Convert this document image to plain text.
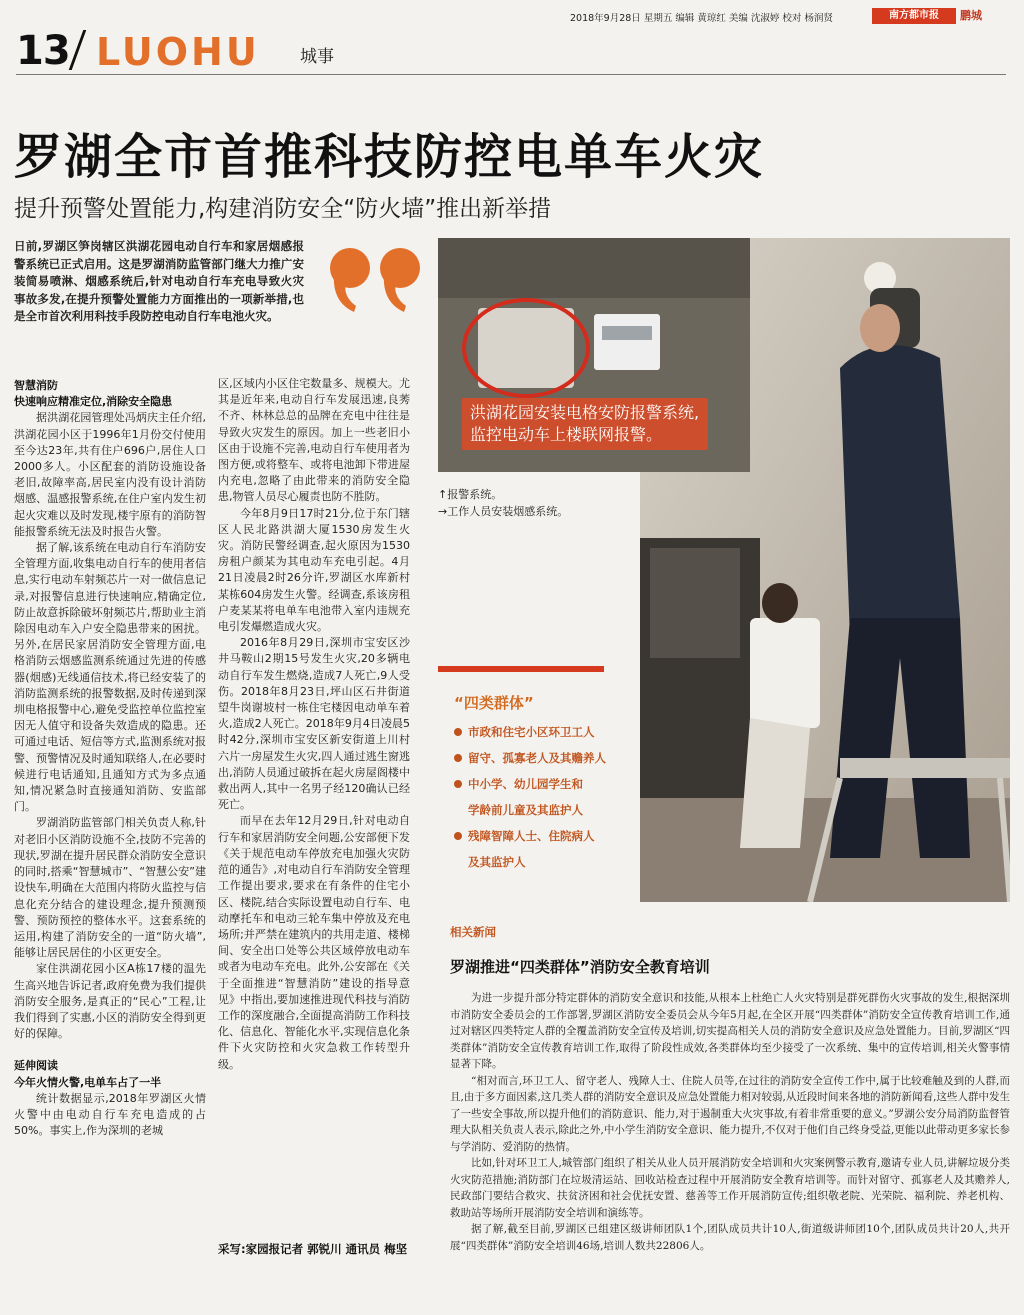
2018年9月28日 星期五 编辑 黄琼红 美编 沈淑婷 校对 杨润贤	南方都市报	鹏城
13 LUOHU 城事
罗湖全市首推科技防控电单车火灾
提升预警处置能力,构建消防安全“防火墙”推出新举措
日前,罗湖区笋岗辖区洪湖花园电动自行车和家居烟感报警系统已正式启用。这是罗湖消防监管部门继大力推广安装简易喷淋、烟感系统后,针对电动自行车充电导致火灾事故多发,在提升预警处置能力方面推出的一项新举措,也是全市首次利用科技手段防控电动自行车电池火灾。
智慧消防
快速响应精准定位,消除安全隐患

据洪湖花园管理处冯炳庆主任介绍,洪湖花园小区于1996年1月份交付使用至今达23年,共有住户696户,居住人口2000多人。小区配套的消防设施设备老旧,故障率高,居民室内没有设计消防烟感、温感报警系统,在住户室内发生初起火灾难以及时发现,楼宇原有的消防智能报警系统无法及时报告火警。

据了解,该系统在电动自行车消防安全管理方面,收集电动自行车的使用者信息,实行电动车射频芯片一对一做信息记录,对报警信息进行快速响应,精确定位,防止故意拆除破坏射频芯片,帮助业主消除因电动车入户安全隐患带来的困扰。另外,在居民家居消防安全管理方面,电格消防云烟感监测系统通过先进的传感器(烟感)无线通信技术,将已经安装了的消防监测系统的报警数据,及时传递到深圳电格报警中心,避免受监控单位监控室因无人值守和设备失效造成的隐患。还可通过电话、短信等方式,监测系统对报警、预警情况及时通知联络人,在必要时候进行电话通知,且通知方式为多点通知,情况紧急时直接通知消防、安监部门。

罗湖消防监管部门相关负责人称,针对老旧小区消防设施不全,技防不完善的现状,罗湖在提升居民群众消防安全意识的同时,搭乘“智慧城市”、“智慧公安”建设快车,明确在大范围内将防火监控与信息化充分结合的建设理念,提升预测预警、预防预控的整体水平。这套系统的运用,构建了消防安全的一道“防火墙”,能够让居民居住的小区更安全。

家住洪湖花园小区A栋17楼的温先生高兴地告诉记者,政府免费为我们提供消防安全服务,是真正的“民心”工程,让我们得到了实惠,小区的消防安全得到更好的保障。

延伸阅读
今年火情火警,电单车占了一半

统计数据显示,2018年罗湖区火情火警中由电动自行车充电造成的占50%。事实上,作为深圳的老城

区,区域内小区住宅数量多、规模大。尤其是近年来,电动自行车发展迅速,良莠不齐、林林总总的品牌在充电中往往是导致火灾发生的原因。加上一些老旧小区由于设施不完善,电动自行车使用者为图方便,或将整车、或将电池卸下带进屋内充电,忽略了由此带来的消防安全隐患,物管人员尽心履责也防不胜防。

今年8月9日17时21分,位于东门辖区人民北路洪湖大厦1530房发生火灾。消防民警经调查,起火原因为1530房租户颜某为其电动车充电引起。4月21日凌晨2时26分许,罗湖区水库新村某栋604房发生火警。经调查,系该房租户麦某某将电单车电池带入室内违规充电引发爆燃造成火灾。

2016年8月29日,深圳市宝安区沙井马鞍山2期15号发生火灾,20多辆电动自行车发生燃烧,造成7人死亡,9人受伤。2018年8月23日,坪山区石井街道望牛岗谢坡村一栋住宅楼因电动单车着火,造成2人死亡。2018年9月4日凌晨5时42分,深圳市宝安区新安街道上川村六片一房屋发生火灾,四人通过逃生窗逃出,消防人员通过破拆在起火房屋阁楼中救出两人,其中一名男子经120确认已经死亡。

而早在去年12月29日,针对电动自行车和家居消防安全问题,公安部便下发《关于规范电动车停放充电加强火灾防范的通告》,对电动自行车消防安全管理工作提出要求,要求在有条件的住宅小区、楼院,结合实际设置电动自行车、电动摩托车和电动三轮车集中停放及充电场所;并严禁在建筑内的共用走道、楼梯间、安全出口处等公共区域停放电动车或者为电动车充电。此外,公安部在《关于全面推进“智慧消防”建设的指导意见》中指出,要加速推进现代科技与消防工作的深度融合,全面提高消防工作科技化、信息化、智能化水平,实现信息化条件下火灾防控和火灾急救工作转型升级。

采写:家园报记者 郭锐川 通讯员 梅坚
洪湖花园安装电格安防报警系统,监控电动车上楼联网报警。
↑报警系统。
→工作人员安装烟感系统。
“四类群体”
市政和住宅小区环卫工人
留守、孤寡老人及其赡养人
中小学、幼儿园学生和
学龄前儿童及其监护人
残障智障人士、住院病人
及其监护人
相关新闻
罗湖推进“四类群体”消防安全教育培训

为进一步提升部分特定群体的消防安全意识和技能,从根本上杜绝亡人火灾特别是群死群伤火灾事故的发生,根据深圳市消防安全委员会的工作部署,罗湖区消防安全委员会从今年5月起,在全区开展“四类群体”消防安全宣传教育培训工作,通过对辖区四类特定人群的全覆盖消防安全宣传及培训,切实提高相关人员的消防安全意识及应急处置能力。目前,罗湖区“四类群体”消防安全宣传教育培训工作,取得了阶段性成效,各类群体均至少接受了一次系统、集中的宣传培训,相关火警事情显著下降。

“相对而言,环卫工人、留守老人、残障人士、住院人员等,在过往的消防安全宣传工作中,属于比较难触及到的人群,而且,由于多方面因素,这几类人群的消防安全意识及应急处置能力相对较弱,从近段时间来各地的消防新闻看,这些人群中发生了一些安全事故,所以提升他们的消防意识、能力,对于遏制重大火灾事故,有着非常重要的意义。”罗湖公安分局消防监督管理大队相关负责人表示,除此之外,中小学生消防安全意识、能力提升,不仅对于他们自己终身受益,更能以此带动更多家长参与学消防、爱消防的热情。

比如,针对环卫工人,城管部门组织了相关从业人员开展消防安全培训和火灾案例警示教育,邀请专业人员,讲解垃圾分类火灾防范措施;消防部门在垃圾清运站、回收站检查过程中开展消防安全教育培训等。而针对留守、孤寡老人及其赡养人,民政部门要结合救灾、扶贫济困和社会优抚安置、慈善等工作开展消防宣传;组织敬老院、光荣院、福利院、养老机构、救助站等场所开展消防安全培训和演练等。

据了解,截至目前,罗湖区已组建区级讲师团队1个,团队成员共计10人,街道级讲师团10个,团队成员共计20人,共开展“四类群体”消防安全培训46场,培训人数共22806人。
